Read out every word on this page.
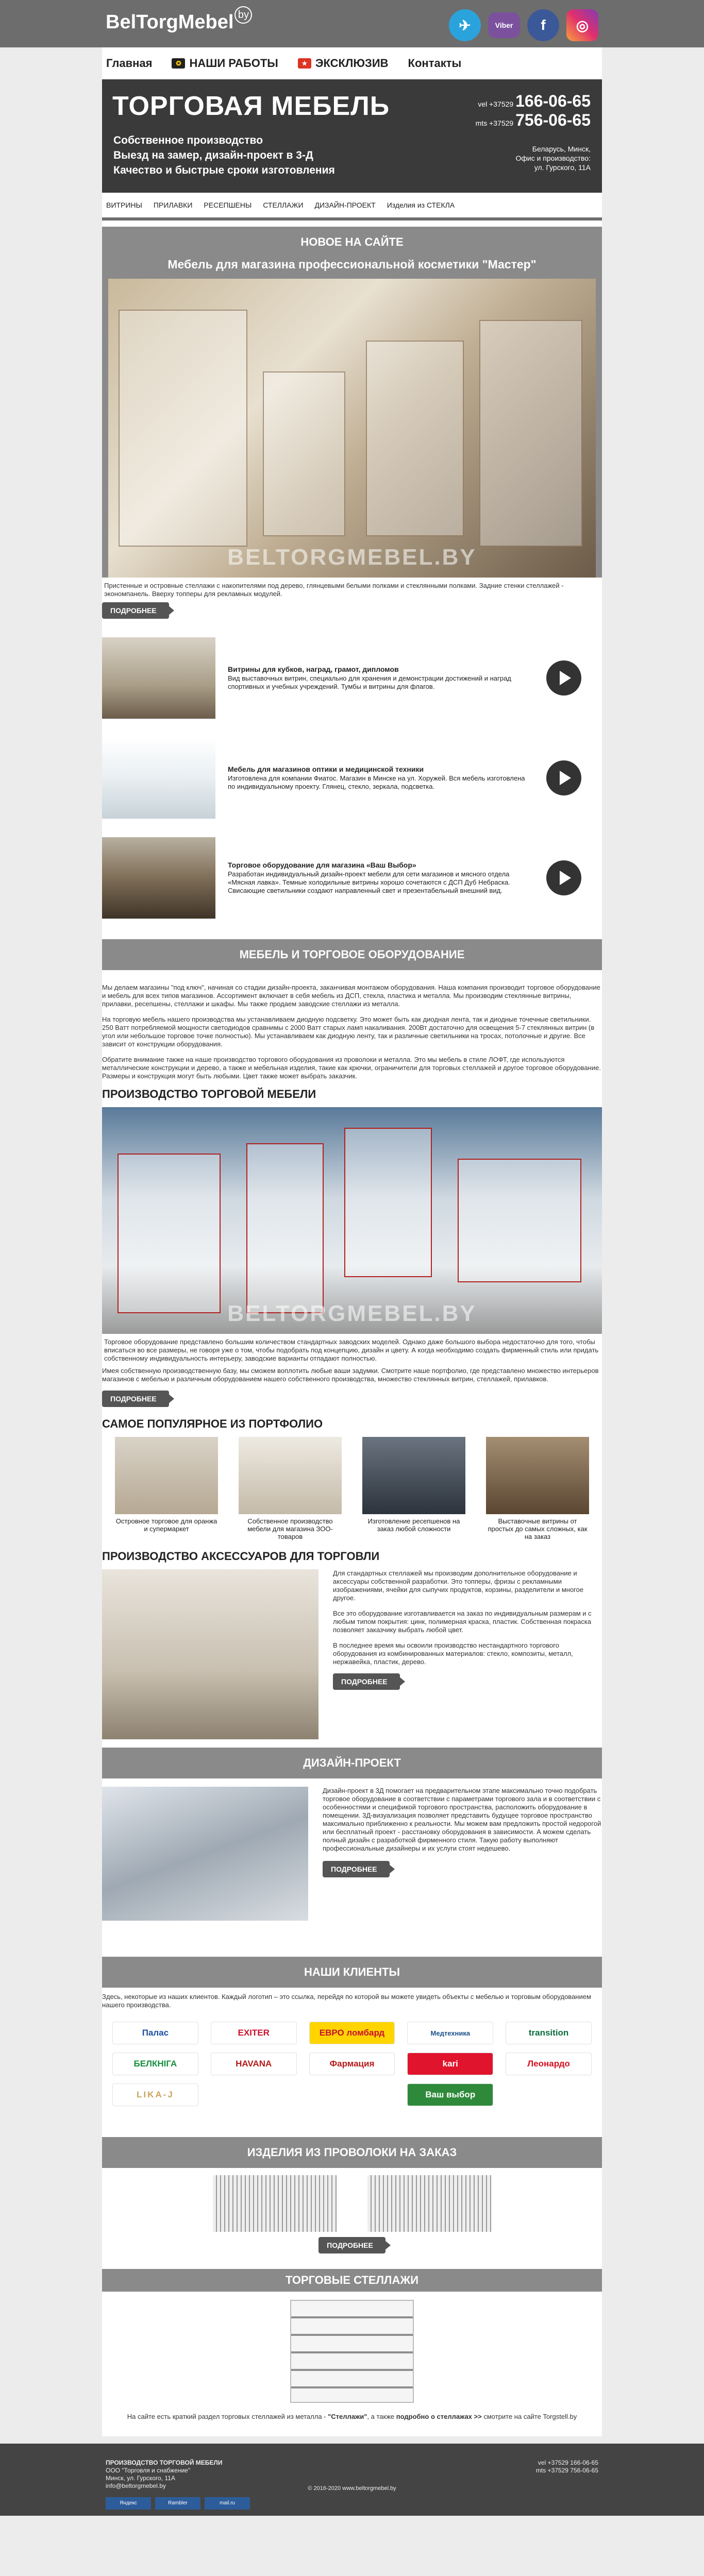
BelTorgMebel by
✈	Viber	f	◎
Главная	✪ НАШИ РАБОТЫ	★ ЭКСКЛЮЗИВ Контакты
ТОРГОВАЯ МЕБЕЛЬ
Собственное производство
Выезд на замер, дизайн-проект в 3-Д
Качество и быстрые сроки изготовления
vel +37529 166-06-65
mts +37529 756-06-65
Беларусь, Минск,
Офис и производство:
ул. Гурского, 11А
ВИТРИНЫ ПРИЛАВКИ РЕСЕПШЕНЫ СТЕЛЛАЖИ ДИЗАЙН-ПРОЕКТ Изделия из СТЕКЛА
НОВОЕ НА САЙТЕ
Мебель для магазина профессиональной косметики "Мастер"
BELTORGMEBEL.BY
Пристенные и островные стеллажи с накопителями под дерево, глянцевыми белыми полками и стеклянными полками. Задние стенки стеллажей - экономпанель. Вверху топперы для рекламных модулей.
ПОДРОБНЕЕ
Витрины для кубков, наград, грамот, дипломов
Вид выставочных витрин, специально для хранения и демонстрации достижений и наград спортивных и учебных учреждений. Тумбы и витрины для флагов.
Мебель для магазинов оптики и медицинской техники
Изготовлена для компании Фиатос. Магазин в Минске на ул. Хоружей. Вся мебель изготовлена по индивидуальному проекту. Глянец, стекло, зеркала, подсветка.
Торговое оборудование для магазина «Ваш Выбор»
Разработан индивидуальный дизайн-проект мебели для сети магазинов и мясного отдела «Мясная лавка». Темные холодильные витрины хорошо сочетаются с ДСП Дуб Небраска. Свисающие светильники создают направленный свет и презентабельный внешний вид.
МЕБЕЛЬ И ТОРГОВОЕ ОБОРУДОВАНИЕ

Мы делаем магазины "под ключ", начиная со стадии дизайн-проекта, заканчивая монтажом оборудования. Наша компания производит торговое оборудование и мебель для всех типов магазинов. Ассортимент включает в себя мебель из ДСП, стекла, пластика и металла. Мы производим стеклянные витрины, прилавки, ресепшены, стеллажи и шкафы. Мы также продаем заводские стеллажи из металла.

На торговую мебель нашего производства мы устанавливаем диодную подсветку. Это может быть как диодная лента, так и диодные точечные светильники. 250 Ватт потребляемой мощности светодиодов сравнимы с 2000 Ватт старых ламп накаливания. 200Вт достаточно для освещения 5-7 стеклянных витрин (в угол или небольшое торговое точке полностью). Мы устанавливаем как диодную ленту, так и различные светильники на тросах, потолочные и другие. Все зависит от конструкции оборудования.

Обратите внимание также на наше производство торгового оборудования из проволоки и металла. Это мы мебель в стиле ЛОФТ, где используются металлические конструкции и дерево, а также и мебельная изделия, такие как крючки, ограничители для торговых стеллажей и другое торговое оборудование. Размеры и конструкция могут быть любыми. Цвет также может выбрать заказчик.

ПРОИЗВОДСТВО ТОРГОВОЙ МЕБЕЛИ
BELTORGMEBEL.BY
Торговое оборудование представлено большим количеством стандартных заводских моделей. Однако даже большого выбора недостаточно для того, чтобы вписаться во все размеры, не говоря уже о том, чтобы подобрать под концепцию, дизайн и цвету. А когда необходимо создать фирменный стиль или придать собственному индивидуальность интерьеру, заводские варианты отпадают полностью.

Имея собственную производственную базу, мы сможем воплотить любые ваши задумки. Смотрите наше портфолио, где представлено множество интерьеров магазинов с мебелью и различным оборудованием нашего собственного производства, множество стеклянных витрин, стеллажей, прилавков.

ПОДРОБНЕЕ
САМОЕ ПОПУЛЯРНОЕ ИЗ ПОРТФОЛИО
Островное торговое для оранжа и супермаркет
Собственное производство мебели для магазина ЗОО-товаров
Изготовление ресепшенов на заказ любой сложности
Выставочные витрины от простых до самых сложных, как на заказ
ПРОИЗВОДСТВО АКСЕССУАРОВ ДЛЯ ТОРГОВЛИ

Для стандартных стеллажей мы производим дополнительное оборудование и аксессуары собственной разработки. Это топперы, фризы с рекламными изображениями, ячейки для сыпучих продуктов, корзины, разделители и многое другое.

Все это оборудование изготавливается на заказ по индивидуальным размерам и с любым типом покрытия: цинк, полимерная краска, пластик. Собственная покраска позволяет заказчику выбрать любой цвет.

В последнее время мы освоили производство нестандартного торгового оборудования из комбинированных материалов: стекло, композиты, металл, нержавейка, пластик, дерево.

ПОДРОБНЕЕ
ДИЗАЙН-ПРОЕКТ

Дизайн-проект в 3Д помогает на предварительном этапе максимально точно подобрать торговое оборудование в соответствии с параметрами торгового зала и в соответствии с особенностями и спецификой торгового пространства, расположить оборудование в помещении. 3Д-визуализация позволяет представить будущее торговое пространство максимально приближенно к реальности. Мы можем вам предложить простой недорогой или бесплатный проект - расстановку оборудования в зависимости. А можем сделать полный дизайн с разработкой фирменного стиля. Такую работу выполняют профессиональные дизайнеры и их услуги стоят недешево.

ПОДРОБНЕЕ
НАШИ КЛИЕНТЫ

Здесь, некоторые из наших клиентов. Каждый логотип – это ссылка, перейдя по которой вы можете увидеть объекты с мебелью и торговым оборудованием нашего производства.

Палас	EXITER	ЕВРО ломбард	Медтехника	transition
БЕЛКНІГА	HAVANA	Фармация	kari	Леонардо
LIKA-J	Ваш выбор
ИЗДЕЛИЯ ИЗ ПРОВОЛОКИ НА ЗАКАЗ
ПОДРОБНЕЕ
ТОРГОВЫЕ СТЕЛЛАЖИ

На сайте есть краткий раздел торговых стеллажей из металла - "Стеллажи", а также подробно о стеллажах >> смотрите на сайте Torgstell.by

ПРОИЗВОДСТВО ТОРГОВОЙ МЕБЕЛИ
ООО "Торговля и снабжение"
Минск, ул. Гурского, 11А
info@beltorgmebel.by
vel +37529 166-06-65
mts +37529 756-06-65
© 2016-2020 www.beltorgmebel.by
Яндекс	Rambler	mail.ru
